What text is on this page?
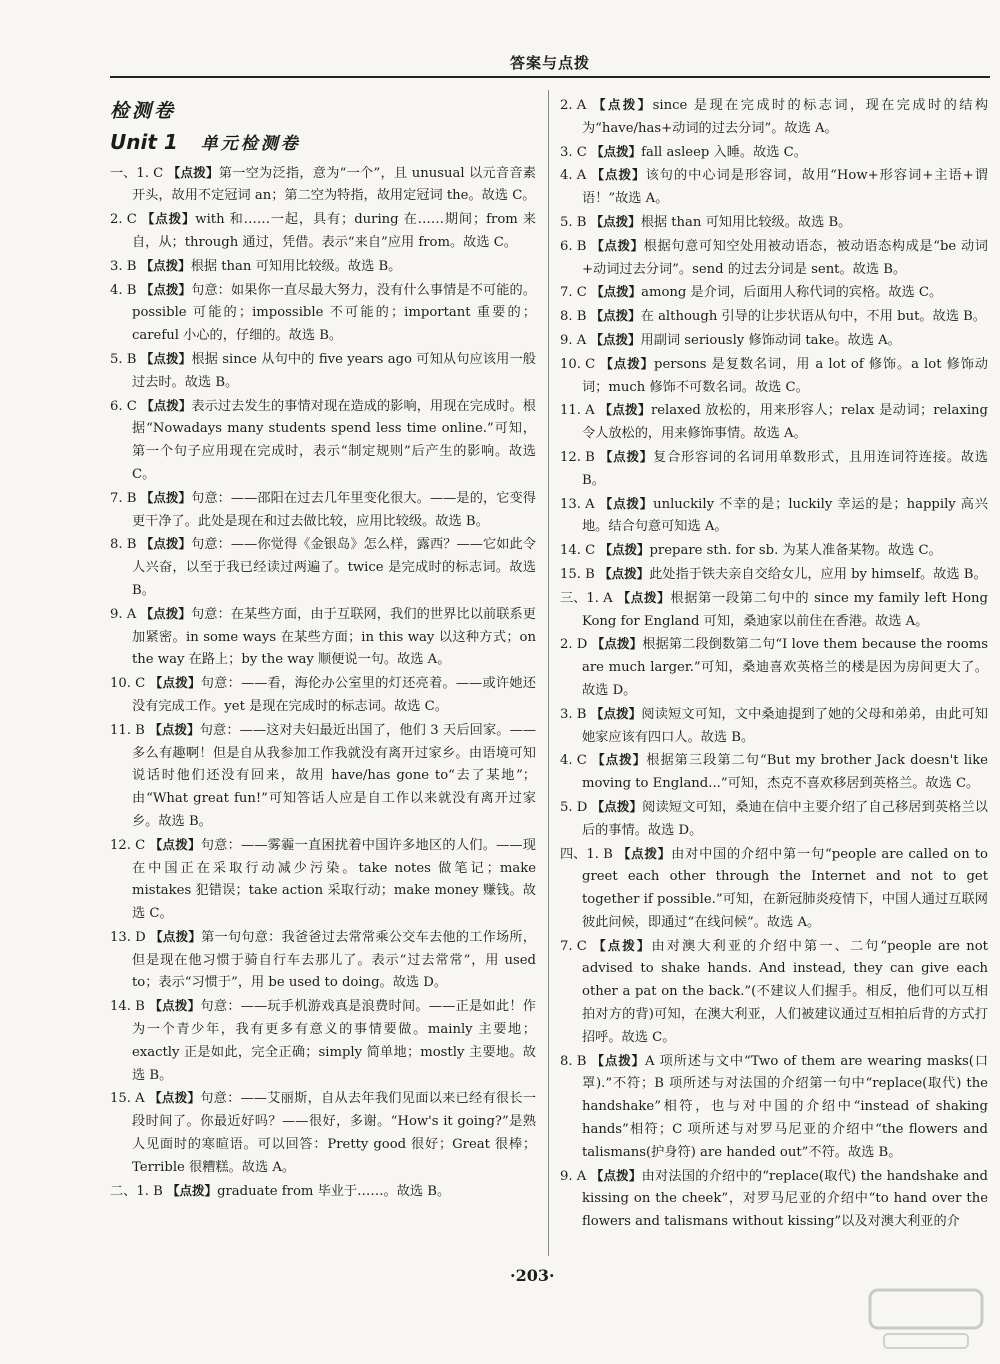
答案与点拨
检测卷
Unit 1 单元检测卷

一、1. C 【点拨】第一空为泛指，意为“一个”，且 unusual 以元音音素开头，故用不定冠词 an；第二空为特指，故用定冠词 the。故选 C。

2. C 【点拨】with 和……一起，具有；during 在……期间；from 来自，从；through 通过，凭借。表示“来自”应用 from。故选 C。

3. B 【点拨】根据 than 可知用比较级。故选 B。

4. B 【点拨】句意：如果你一直尽最大努力，没有什么事情是不可能的。possible 可能的；impossible 不可能的；important 重要的；careful 小心的，仔细的。故选 B。

5. B 【点拨】根据 since 从句中的 five years ago 可知从句应该用一般过去时。故选 B。

6. C 【点拨】表示过去发生的事情对现在造成的影响，用现在完成时。根据“Nowadays many students spend less time online.”可知，第一个句子应用现在完成时，表示“制定规则”后产生的影响。故选 C。

7. B 【点拨】句意：——邵阳在过去几年里变化很大。——是的，它变得更干净了。此处是现在和过去做比较，应用比较级。故选 B。

8. B 【点拨】句意：——你觉得《金银岛》怎么样，露西？——它如此令人兴奋，以至于我已经读过两遍了。twice 是完成时的标志词。故选 B。

9. A 【点拨】句意：在某些方面，由于互联网，我们的世界比以前联系更加紧密。in some ways 在某些方面；in this way 以这种方式；on the way 在路上；by the way 顺便说一句。故选 A。

10. C 【点拨】句意：——看，海伦办公室里的灯还亮着。——或许她还没有完成工作。yet 是现在完成时的标志词。故选 C。

11. B 【点拨】句意：——这对夫妇最近出国了，他们 3 天后回家。——多么有趣啊！但是自从我参加工作我就没有离开过家乡。由语境可知说话时他们还没有回来，故用 have/has gone to“去了某地”；由“What great fun!”可知答话人应是自工作以来就没有离开过家乡。故选 B。

12. C 【点拨】句意：——雾霾一直困扰着中国许多地区的人们。——现在中国正在采取行动减少污染。take notes 做笔记；make mistakes 犯错误；take action 采取行动；make money 赚钱。故选 C。

13. D 【点拨】第一句句意：我爸爸过去常常乘公交车去他的工作场所，但是现在他习惯于骑自行车去那儿了。表示“过去常常”，用 used to；表示“习惯于”，用 be used to doing。故选 D。

14. B 【点拨】句意：——玩手机游戏真是浪费时间。——正是如此！作为一个青少年，我有更多有意义的事情要做。mainly 主要地；exactly 正是如此，完全正确；simply 简单地；mostly 主要地。故选 B。

15. A 【点拨】句意：——艾丽斯，自从去年我们见面以来已经有很长一段时间了。你最近好吗？——很好，多谢。“How's it going?”是熟人见面时的寒暄语。可以回答：Pretty good 很好；Great 很棒；Terrible 很糟糕。故选 A。

二、1. B 【点拨】graduate from 毕业于……。故选 B。

2. A 【点拨】since 是现在完成时的标志词，现在完成时的结构为“have/has+动词的过去分词”。故选 A。

3. C 【点拨】fall asleep 入睡。故选 C。

4. A 【点拨】该句的中心词是形容词，故用“How+形容词+主语+谓语！”故选 A。

5. B 【点拨】根据 than 可知用比较级。故选 B。

6. B 【点拨】根据句意可知空处用被动语态，被动语态构成是“be 动词+动词过去分词”。send 的过去分词是 sent。故选 B。

7. C 【点拨】among 是介词，后面用人称代词的宾格。故选 C。

8. B 【点拨】在 although 引导的让步状语从句中，不用 but。故选 B。

9. A 【点拨】用副词 seriously 修饰动词 take。故选 A。

10. C 【点拨】persons 是复数名词，用 a lot of 修饰。a lot 修饰动词；much 修饰不可数名词。故选 C。

11. A 【点拨】relaxed 放松的，用来形容人；relax 是动词；relaxing 令人放松的，用来修饰事情。故选 A。

12. B 【点拨】复合形容词的名词用单数形式，且用连词符连接。故选 B。

13. A 【点拨】unluckily 不幸的是；luckily 幸运的是；happily 高兴地。结合句意可知选 A。

14. C 【点拨】prepare sth. for sb. 为某人准备某物。故选 C。

15. B 【点拨】此处指于铁夫亲自交给女儿，应用 by himself。故选 B。

三、1. A 【点拨】根据第一段第二句中的 since my family left Hong Kong for England 可知，桑迪家以前住在香港。故选 A。

2. D 【点拨】根据第二段倒数第二句“I love them because the rooms are much larger.”可知，桑迪喜欢英格兰的楼是因为房间更大了。故选 D。

3. B 【点拨】阅读短文可知，文中桑迪提到了她的父母和弟弟，由此可知她家应该有四口人。故选 B。

4. C 【点拨】根据第三段第二句“But my brother Jack doesn't like moving to England...”可知，杰克不喜欢移居到英格兰。故选 C。

5. D 【点拨】阅读短文可知，桑迪在信中主要介绍了自己移居到英格兰以后的事情。故选 D。

四、1. B 【点拨】由对中国的介绍中第一句“people are called on to greet each other through the Internet and not to get together if possible.”可知，在新冠肺炎疫情下，中国人通过互联网彼此问候，即通过“在线问候”。故选 A。

7. C 【点拨】由对澳大利亚的介绍中第一、二句“people are not advised to shake hands. And instead, they can give each other a pat on the back.”(不建议人们握手。相反，他们可以互相拍对方的背)可知，在澳大利亚，人们被建议通过互相拍后背的方式打招呼。故选 C。

8. B 【点拨】A 项所述与文中“Two of them are wearing masks(口罩).”不符；B 项所述与对法国的介绍第一句中“replace(取代) the handshake”相符，也与对中国的介绍中“instead of shaking hands”相符；C 项所述与对罗马尼亚的介绍中“the flowers and talismans(护身符) are handed out”不符。故选 B。

9. A 【点拨】由对法国的介绍中的“replace(取代) the handshake and kissing on the cheek”，对罗马尼亚的介绍中“to hand over the flowers and talismans without kissing”以及对澳大利亚的介

·203·
